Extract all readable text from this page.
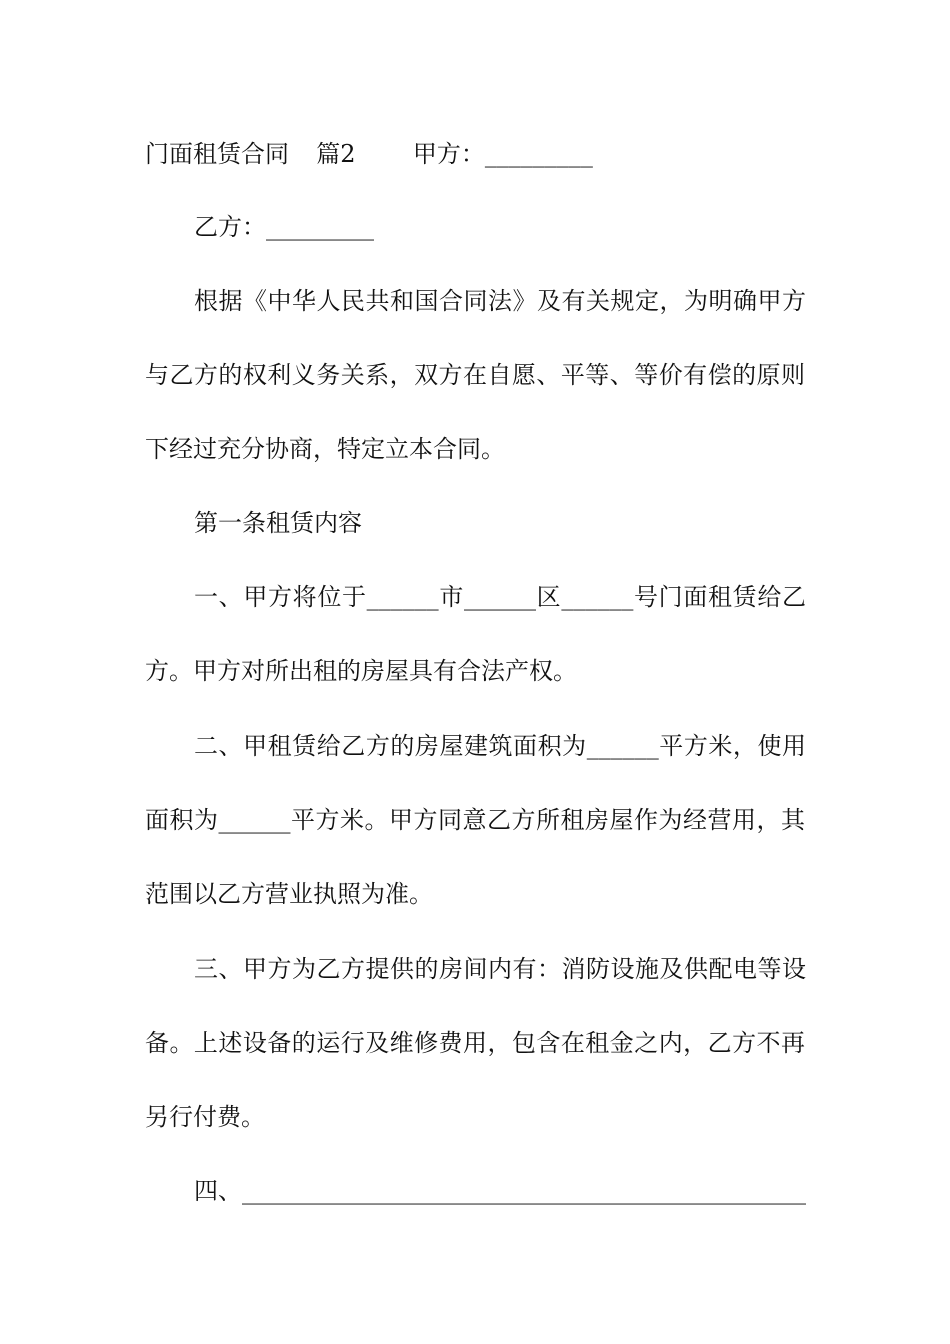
门面租赁合同 篇2 甲方：_________
乙方：_________
根据《中华人民共和国合同法》及有关规定，为明确甲方
与乙方的权利义务关系，双方在自愿、平等、等价有偿的原则
下经过充分协商，特定立本合同。
第一条租赁内容
一、甲方将位于______市______区______号门面租赁给乙
方。甲方对所出租的房屋具有合法产权。
二、甲租赁给乙方的房屋建筑面积为______平方米，使用
面积为______平方米。甲方同意乙方所租房屋作为经营用，其
范围以乙方营业执照为准。
三、甲方为乙方提供的房间内有：消防设施及供配电等设
备。上述设备的运行及维修费用，包含在租金之内，乙方不再
另行付费。
四、_______________________________________________
